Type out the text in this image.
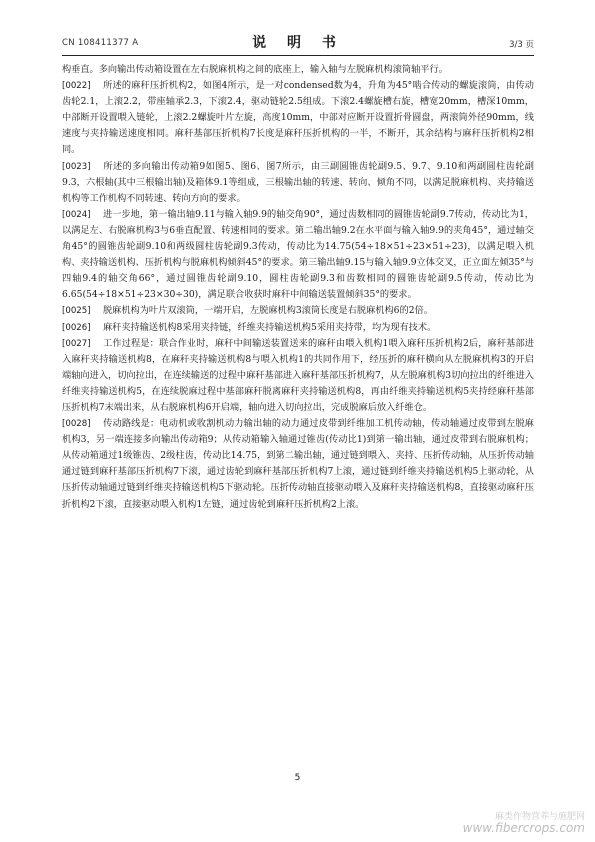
CN 108411377 A	说 明 书	3/3 页

构垂直。多向输出传动箱设置在左右脱麻机构之间的底座上，输入轴与左脱麻机构滚筒轴平行。

[0022] 所述的麻秆压折机构2，如图4所示，是一对condensed数为4，升角为45°啮合传动的螺旋滚筒，由传动齿轮2.1，上滚2.2，带座轴承2.3，下滚2.4，驱动链轮2.5组成。下滚2.4螺旋槽右旋，槽宽20mm，槽深10mm，中部断开设置喂入链轮，上滚2.2螺旋叶片左旋，高度10mm，中部对应断开设置折骨圆盘，两滚筒外径90mm，线速度与夹持输送速度相同。麻秆基部压折机构7长度是麻秆压折机构的一半，不断开，其余结构与麻秆压折机构2相同。

[0023] 所述的多向输出传动箱9如图5、图6、图7所示，由三副圆锥齿轮副9.5、9.7、9.10和两副圆柱齿轮副9.3，六根轴(其中三根输出轴)及箱体9.1等组成，三根输出轴的转速、转向、倾角不同，以满足脱麻机构、夹持输送机构等工作机构不同转速、转向方向的要求。

[0024] 进一步地，第一输出轴9.11与输入轴9.9的轴交角90°，通过齿数相同的圆锥齿轮副9.7传动，传动比为1，以满足左、右脱麻机构3与6垂直配置、转速相同的要求。第二输出轴9.2在水平面与输入轴9.9的夹角45°，通过轴交角45°的圆锥齿轮副9.10和两级圆柱齿轮副9.3传动，传动比为14.75(54÷18×51÷23×51÷23)，以满足喂入机构、夹持输送机构、压折机构与脱麻机构倾斜45°的要求。第三输出轴9.15与输入轴9.9立体交叉，正立面左倾35°与四轴9.4的轴交角66°，通过圆锥齿轮副9.10，圆柱齿轮副9.3和齿数相同的圆锥齿轮副9.5传动，传动比为6.65(54÷18×51÷23×30÷30)，满足联合收获时麻秆中间输送装置倾斜35°的要求。

[0025] 脱麻机构为叶片双滚筒，一端开启，左脱麻机构3滚筒长度是右脱麻机构6的2倍。

[0026] 麻秆夹持输送机构8采用夹持链，纤维夹持输送机构5采用夹持带，均为现有技术。

[0027] 工作过程是：联合作业时，麻秆中间输送装置送来的麻秆由喂入机构1喂入麻秆压折机构2后，麻秆基部进入麻秆夹持输送机构8，在麻秆夹持输送机构8与喂入机构1的共同作用下，经压折的麻秆横向从左脱麻机构3的开启端轴向进入，切向拉出，在连续输送的过程中麻秆基部进入麻秆基部压折机构7，从左脱麻机构3切向拉出的纤维进入纤维夹持输送机构5，在连续脱麻过程中基部麻秆脱离麻秆夹持输送机构8，再由纤维夹持输送机构5夹持经麻秆基部压折机构7末端出来，从右脱麻机构6开启端，轴向进入切向拉出，完成脱麻后放入纤维仓。

[0028] 传动路线是：电动机或收割机动力输出轴的动力通过皮带到纤维加工机传动轴，传动轴通过皮带到左脱麻机构3，另一端连接多向输出传动箱9；从传动箱输入轴通过锥齿(传动比1)到第一输出轴，通过皮带到右脱麻机构；从传动箱通过1级锥齿、2级柱齿，传动比14.75，到第二输出轴，通过链到喂入、夹持、压折传动轴，从压折传动轴通过链到麻秆基部压折机构7下滚，通过齿轮到麻秆基部压折机构7上滚，通过链到纤维夹持输送机构5上驱动轮，从压折传动轴通过链到纤维夹持输送机构5下驱动轮。压折传动轴直接驱动喂入及麻秆夹持输送机构8，直接驱动麻秆压折机构2下滚，直接驱动喂入机构1左链，通过齿轮到麻秆压折机构2上滚。

5
麻类作物营养与施肥网
www.fibercrops.com
